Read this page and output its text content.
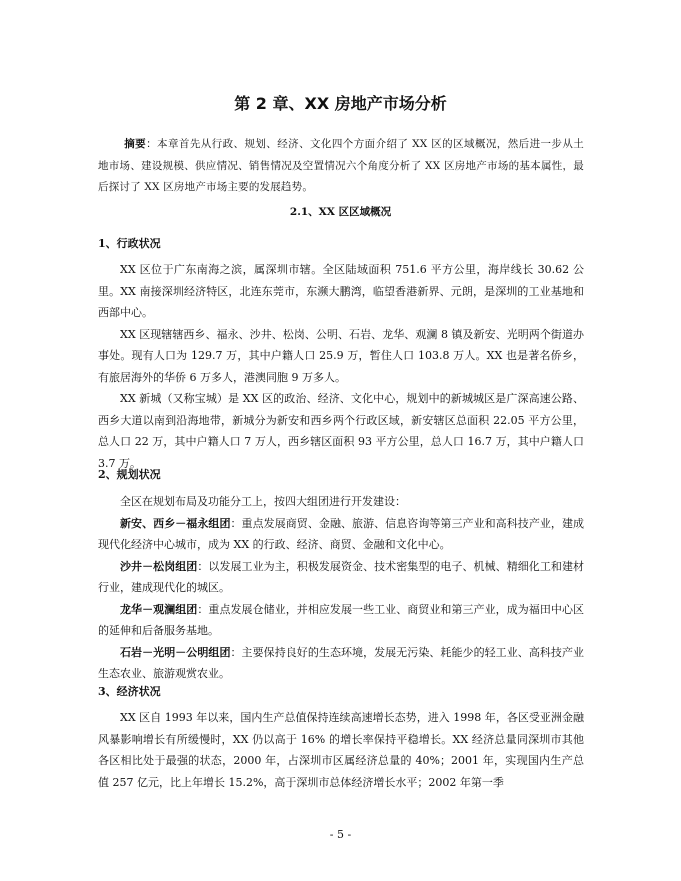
第 2 章、XX 房地产市场分析
摘要：本章首先从行政、规划、经济、文化四个方面介绍了 XX 区的区域概况，然后进一步从土地市场、建设规模、供应情况、销售情况及空置情况六个角度分析了 XX 区房地产市场的基本属性，最后探讨了 XX 区房地产市场主要的发展趋势。
2.1、XX 区区域概况
1、行政状况

XX 区位于广东南海之滨，属深圳市辖。全区陆域面积 751.6 平方公里，海岸线长 30.62 公里。XX 南接深圳经济特区，北连东莞市，东濒大鹏湾，临望香港新界、元朗，是深圳的工业基地和西部中心。

XX 区现辖辖西乡、福永、沙井、松岗、公明、石岩、龙华、观澜 8 镇及新安、光明两个街道办事处。现有人口为 129.7 万，其中户籍人口 25.9 万，暂住人口 103.8 万人。XX 也是著名侨乡，有旅居海外的华侨 6 万多人，港澳同胞 9 万多人。

XX 新城（又称宝城）是 XX 区的政治、经济、文化中心，规划中的新城城区是广深高速公路、西乡大道以南到沿海地带，新城分为新安和西乡两个行政区域，新安辖区总面积 22.05 平方公里，总人口 22 万，其中户籍人口 7 万人，西乡辖区面积 93 平方公里，总人口 16.7 万，其中户籍人口 3.7 万。

2、规划状况

全区在规划布局及功能分工上，按四大组团进行开发建设：

新安、西乡－福永组团：重点发展商贸、金融、旅游、信息咨询等第三产业和高科技产业，建成现代化经济中心城市，成为 XX 的行政、经济、商贸、金融和文化中心。

沙井－松岗组团：以发展工业为主，积极发展资金、技术密集型的电子、机械、精细化工和建材行业，建成现代化的城区。

龙华－观澜组团：重点发展仓储业，并相应发展一些工业、商贸业和第三产业，成为福田中心区的延伸和后备服务基地。

石岩－光明－公明组团：主要保持良好的生态环境，发展无污染、耗能少的轻工业、高科技产业生态农业、旅游观赏农业。

3、经济状况

XX 区自 1993 年以来，国内生产总值保持连续高速增长态势，进入 1998 年，各区受亚洲金融风暴影响增长有所缓慢时，XX 仍以高于 16% 的增长率保持平稳增长。XX 经济总量同深圳市其他各区相比处于最强的状态，2000 年，占深圳市区属经济总量的 40%；2001 年，实现国内生产总值 257 亿元，比上年增长 15.2%，高于深圳市总体经济增长水平；2002 年第一季

- 5 -
